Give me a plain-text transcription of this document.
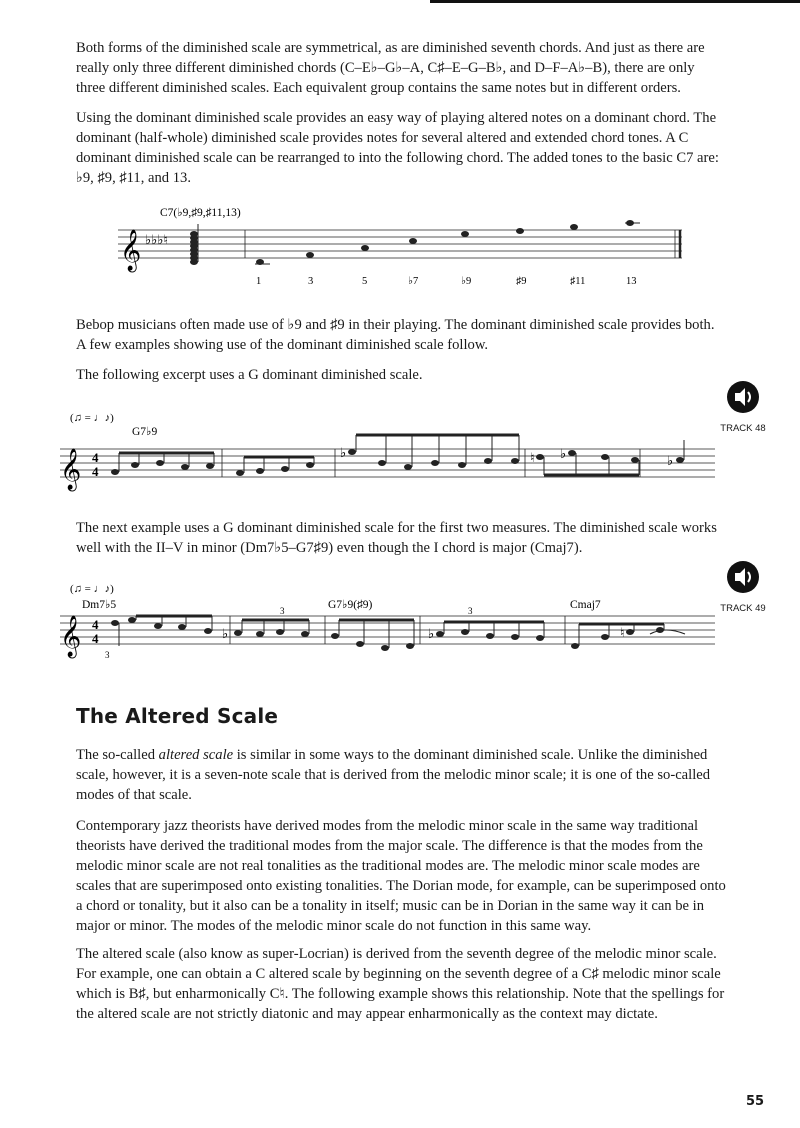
Both forms of the diminished scale are symmetrical, as are diminished seventh chords. And just as there are really only three different diminished chords (C–E♭–G♭–A, C♯–E–G–B♭, and D–F–A♭–B), there are only three different diminished scales. Each equivalent group contains the same notes but in different orders.

Using the dominant diminished scale provides an easy way of playing altered notes on a dominant chord. The dominant (half-whole) diminished scale provides notes for several altered and extended chord tones. A C dominant diminished scale can be rearranged to into the following chord. The added tones to the basic C7 are: ♭9, ♯9, ♯11, and 13.

C7(♭9,♯9,♯11,13)
𝄞 ♭♭♭♮
1	3	5	♭7	♭9	♯9	♯11	13

Bebop musicians often made use of ♭9 and ♯9 in their playing. The dominant diminished scale provides both. A few examples showing use of the dominant diminished scale follow.

The following excerpt uses a G dominant diminished scale.

TRACK 48
(♫ = ♩♪)
G7♭9
𝄞 4
4
♭	♭
♮	♭

The next example uses a G dominant diminished scale for the first two measures. The diminished scale works well with the II–V in minor (Dm7♭5–G7♯9) even though the I chord is major (Cmaj7).

TRACK 49
(♫ = ♩♪)
Dm7♭5	G7♭9(♯9)	Cmaj7
3	3
3
𝄞 4
4	♭	♭	♮
The Altered Scale

The so-called altered scale is similar in some ways to the dominant diminished scale. Unlike the diminished scale, however, it is a seven-note scale that is derived from the melodic minor scale; it is one of the so-called modes of that scale.

Contemporary jazz theorists have derived modes from the melodic minor scale in the same way traditional theorists have derived the traditional modes from the major scale. The difference is that the modes from the melodic minor scale are not real tonalities as the traditional modes are. The melodic minor scale modes are scales that are superimposed onto existing tonalities. The Dorian mode, for example, can be superimposed onto a chord or tonality, but it also can be a tonality in itself; music can be in Dorian in the same way it can be in major or minor. The modes of the melodic minor scale do not function in this same way.

The altered scale (also know as super-Locrian) is derived from the seventh degree of the melodic minor scale. For example, one can obtain a C altered scale by beginning on the seventh degree of a C♯ melodic minor scale which is B♯, but enharmonically C♮. The following example shows this relationship. Note that the spellings for the altered scale are not strictly diatonic and may appear enharmonically as the context may dictate.

55
